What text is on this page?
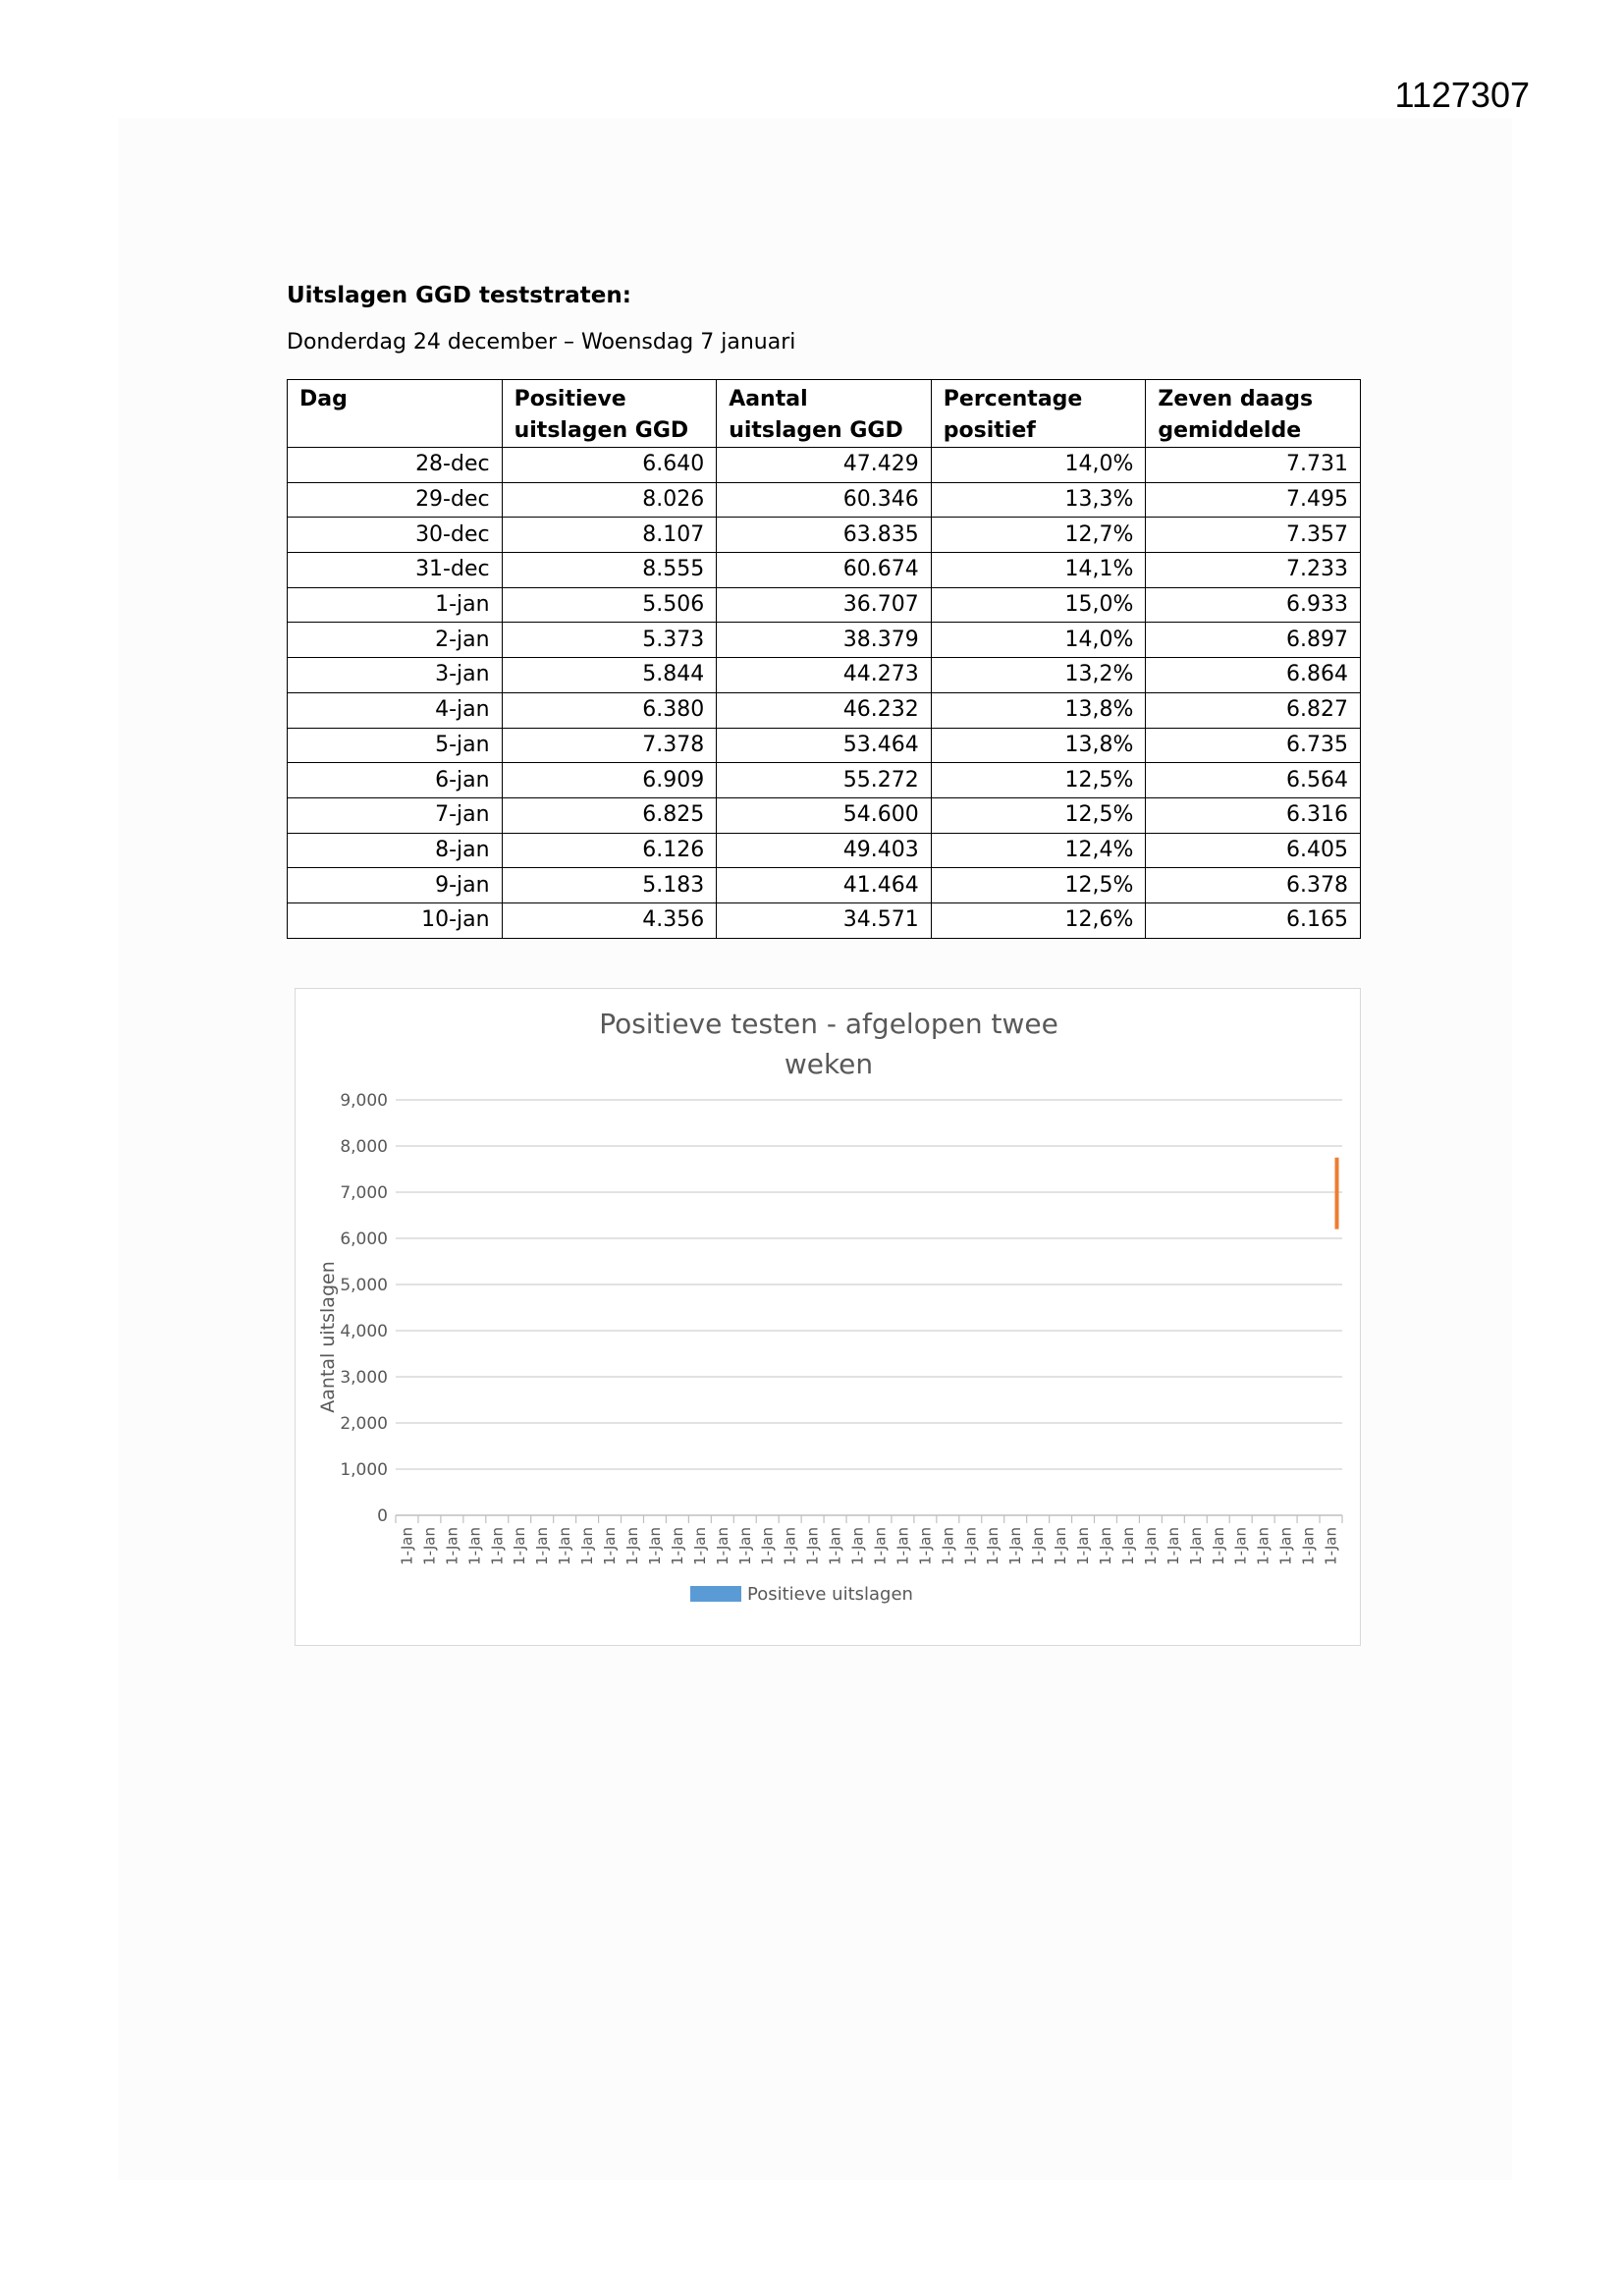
1127307
Uitslagen GGD teststraten:
Donderdag 24 december – Woensdag 7 januari
Dag	Positieve uitslagen GGD	Aantal uitslagen GGD	Percentage positief	Zeven daags gemiddelde
28-dec	6.640	47.429	14,0%	7.731
29-dec	8.026	60.346	13,3%	7.495
30-dec	8.107	63.835	12,7%	7.357
31-dec	8.555	60.674	14,1%	7.233
1-jan	5.506	36.707	15,0%	6.933
2-jan	5.373	38.379	14,0%	6.897
3-jan	5.844	44.273	13,2%	6.864
4-jan	6.380	46.232	13,8%	6.827
5-jan	7.378	53.464	13,8%	6.735
6-jan	6.909	55.272	12,5%	6.564
7-jan	6.825	54.600	12,5%	6.316
8-jan	6.126	49.403	12,4%	6.405
9-jan	5.183	41.464	12,5%	6.378
10-jan	4.356	34.571	12,6%	6.165
Positieve testen - afgelopen twee
weken
0
1,000
2,000
3,000
4,000
5,000
6,000
7,000
8,000
9,000
Aantal uitslagen
1-Jan 1-Jan 1-Jan 1-Jan 1-Jan 1-Jan 1-Jan 1-Jan 1-Jan 1-Jan 1-Jan 1-Jan 1-Jan 1-Jan 1-Jan 1-Jan 1-Jan 1-Jan 1-Jan 1-Jan 1-Jan 1-Jan 1-Jan 1-Jan 1-Jan 1-Jan 1-Jan 1-Jan 1-Jan 1-Jan 1-Jan 1-Jan 1-Jan 1-Jan 1-Jan 1-Jan 1-Jan 1-Jan 1-Jan 1-Jan 1-Jan 1-Jan
Positieve uitslagen
